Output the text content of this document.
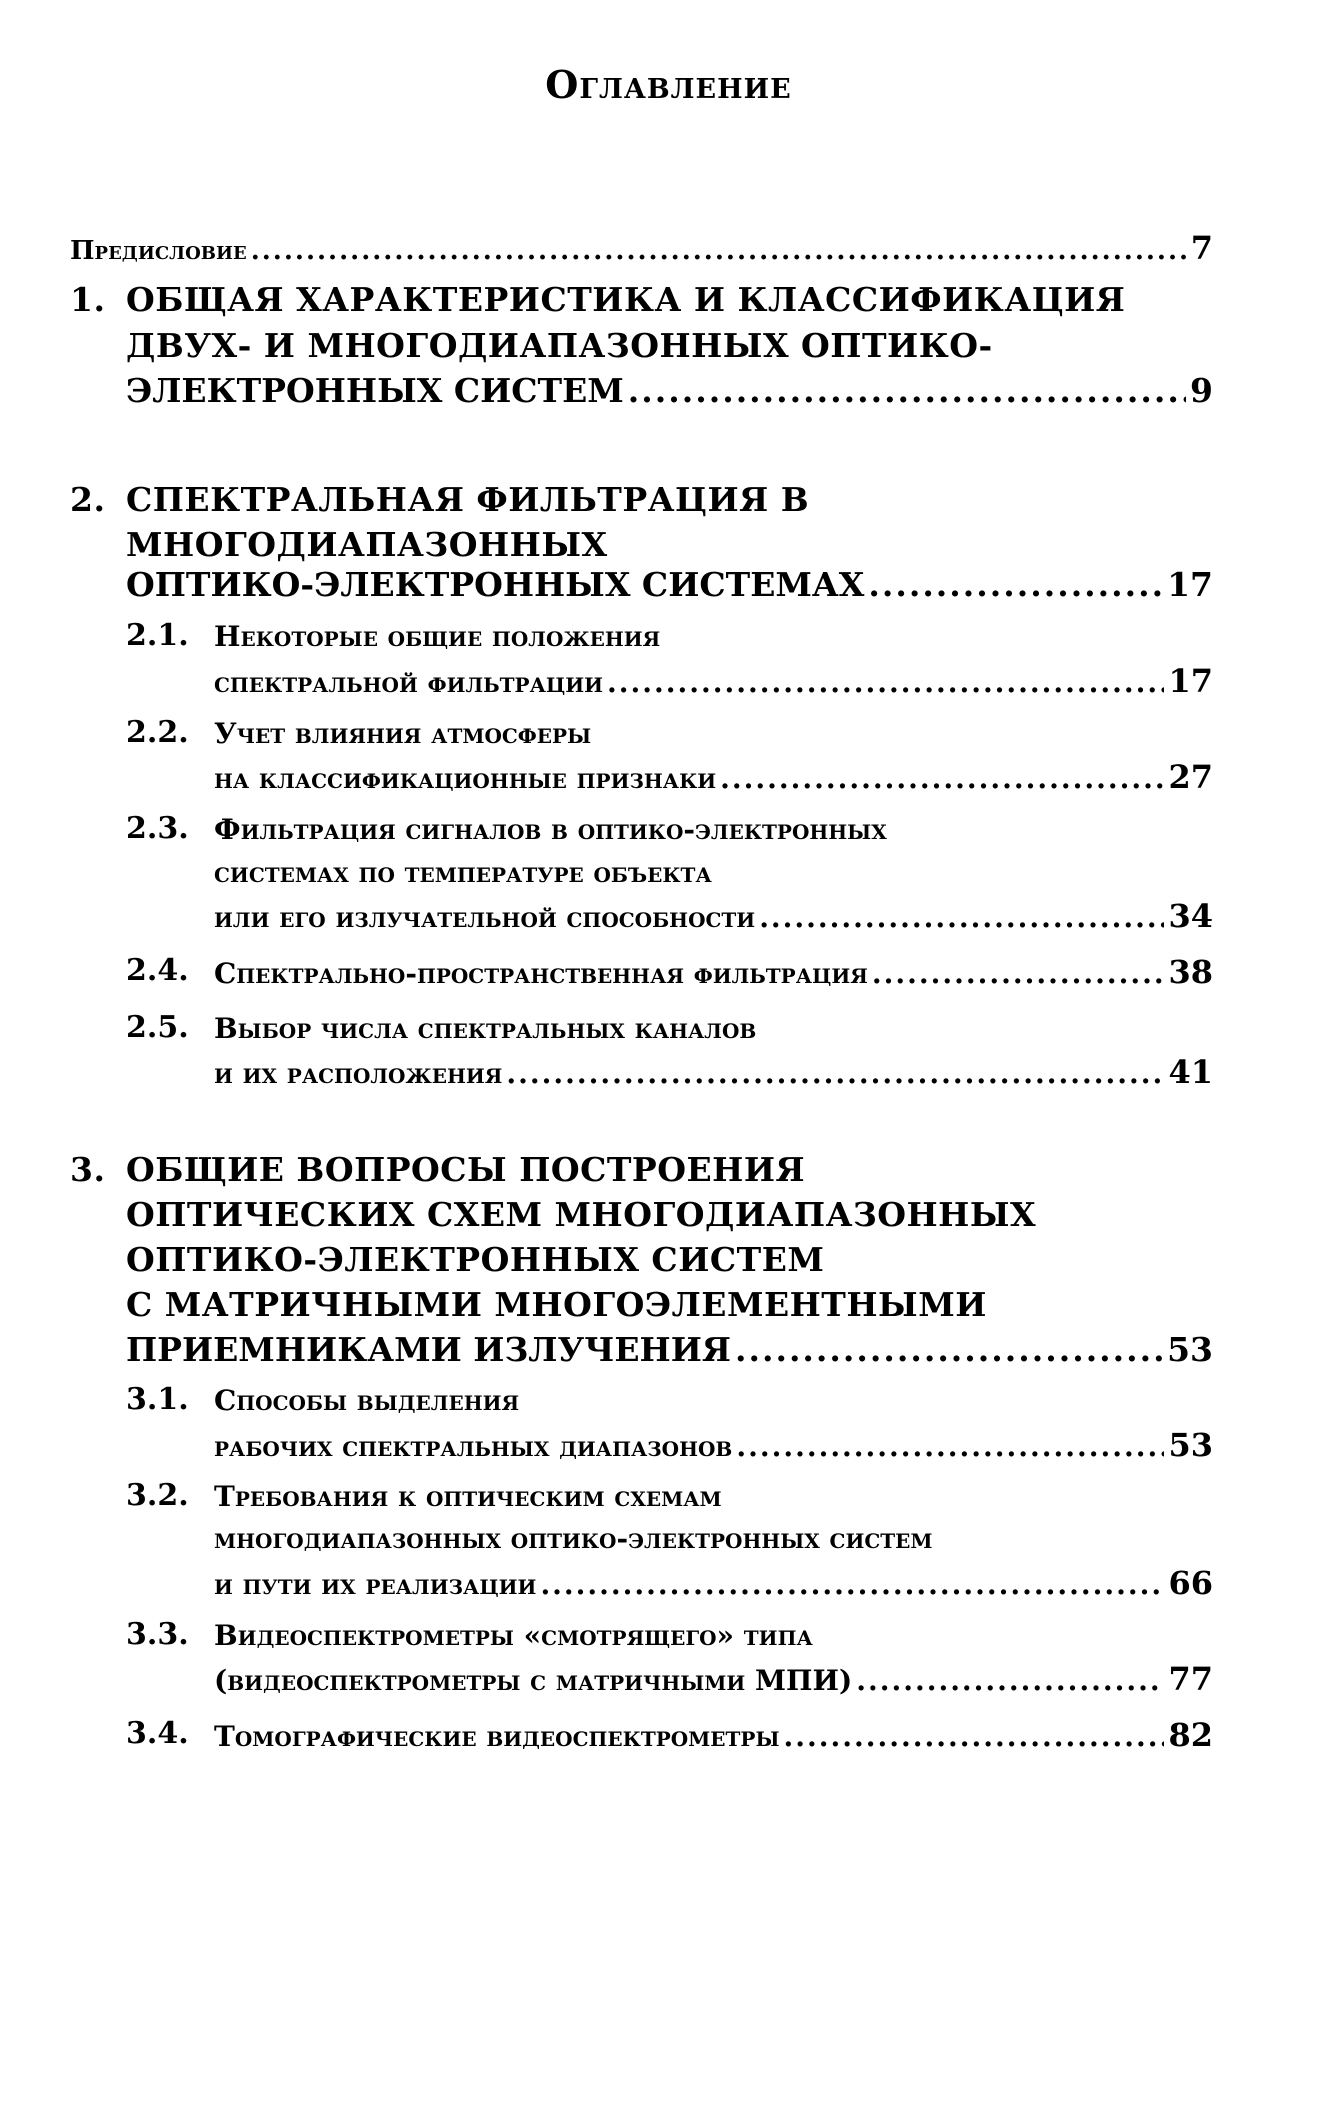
Оглавление
Предисловие .....	7
1. ОБЩАЯ ХАРАКТЕРИСТИКА И КЛАССИФИКАЦИЯ
ДВУХ- И МНОГОДИАПАЗОННЫХ ОПТИКО-
ЭЛЕКТРОННЫХ СИСТЕМ .....	9
2. СПЕКТРАЛЬНАЯ ФИЛЬТРАЦИЯ В
МНОГОДИАПАЗОННЫХ
ОПТИКО-ЭЛЕКТРОННЫХ СИСТЕМАХ .....	17
2.1. Некоторые общие положения
спектральной фильтрации .....	17
2.2. Учет влияния атмосферы
на классификационные признаки .....	27
2.3. Фильтрация сигналов в оптико-электронных
системах по температуре объекта
или его излучательной способности .....	34
2.4. Спектрально-пространственная фильтрация .....	38
2.5. Выбор числа спектральных каналов
и их расположения .....	41
3. ОБЩИЕ ВОПРОСЫ ПОСТРОЕНИЯ
ОПТИЧЕСКИХ СХЕМ МНОГОДИАПАЗОННЫХ
ОПТИКО-ЭЛЕКТРОННЫХ СИСТЕМ
С МАТРИЧНЫМИ МНОГОЭЛЕМЕНТНЫМИ
ПРИЕМНИКАМИ ИЗЛУЧЕНИЯ .....	53
3.1. Способы выделения
рабочих спектральных диапазонов .....	53
3.2. Требования к оптическим схемам
многодиапазонных оптико-электронных систем
и пути их реализации .....	66
3.3. Видеоспектрометры «смотрящего» типа
(видеоспектрометры с матричными МПИ) .....	77
3.4. Томографические видеоспектрометры .....	82
